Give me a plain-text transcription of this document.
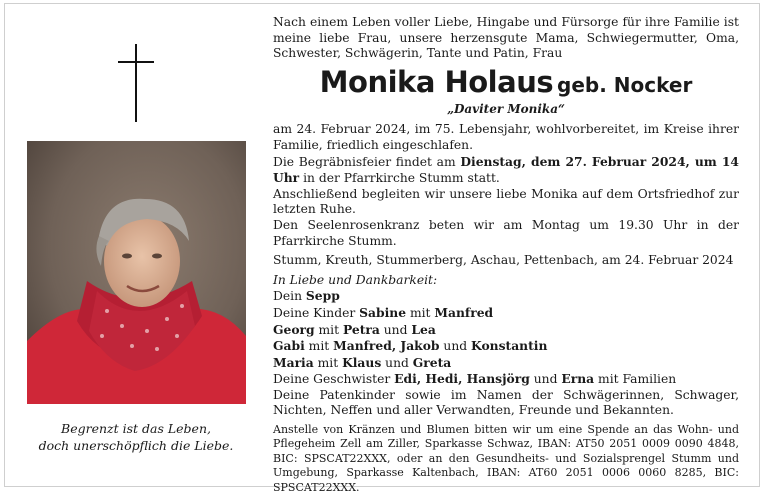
Begrenzt ist das Leben,
doch unerschöpflich die Liebe.

Nach einem Leben voller Liebe, Hingabe und Fürsorge für ihre Familie ist meine liebe Frau, unsere herzensgute Mama, Schwiegermutter, Oma, Schwester, Schwägerin, Tante und Patin, Frau

Monika Holaus geb. Nocker
„Daviter Monika“

am 24. Februar 2024, im 75. Lebensjahr, wohlvorbereitet, im Kreise ihrer Familie, friedlich eingeschlafen.

Die Begräbnisfeier findet am Dienstag, dem 27. Februar 2024, um 14 Uhr in der Pfarrkirche Stumm statt.

Anschließend begleiten wir unsere liebe Monika auf dem Ortsfriedhof zur letzten Ruhe.

Den Seelenrosenkranz beten wir am Montag um 19.30 Uhr in der Pfarrkirche Stumm.

Stumm, Kreuth, Stummerberg, Aschau, Pettenbach, am 24. Februar 2024

In Liebe und Dankbarkeit:

Dein Sepp

Deine Kinder Sabine mit Manfred

Georg mit Petra und Lea

Gabi mit Manfred, Jakob und Konstantin

Maria mit Klaus und Greta

Deine Geschwister Edi, Hedi, Hansjörg und Erna mit Familien

Deine Patenkinder sowie im Namen der Schwägerinnen, Schwager, Nichten, Neffen und aller Verwandten, Freunde und Bekannten.

Anstelle von Kränzen und Blumen bitten wir um eine Spende an das Wohn- und Pflegeheim Zell am Ziller, Sparkasse Schwaz, IBAN: AT50 2051 0009 0090 4848, BIC: SPSCAT22XXX, oder an den Gesundheits- und Sozialsprengel Stumm und Umgebung, Sparkasse Kaltenbach, IBAN: AT60 2051 0006 0060 8285, BIC: SPSCAT22XXX.
